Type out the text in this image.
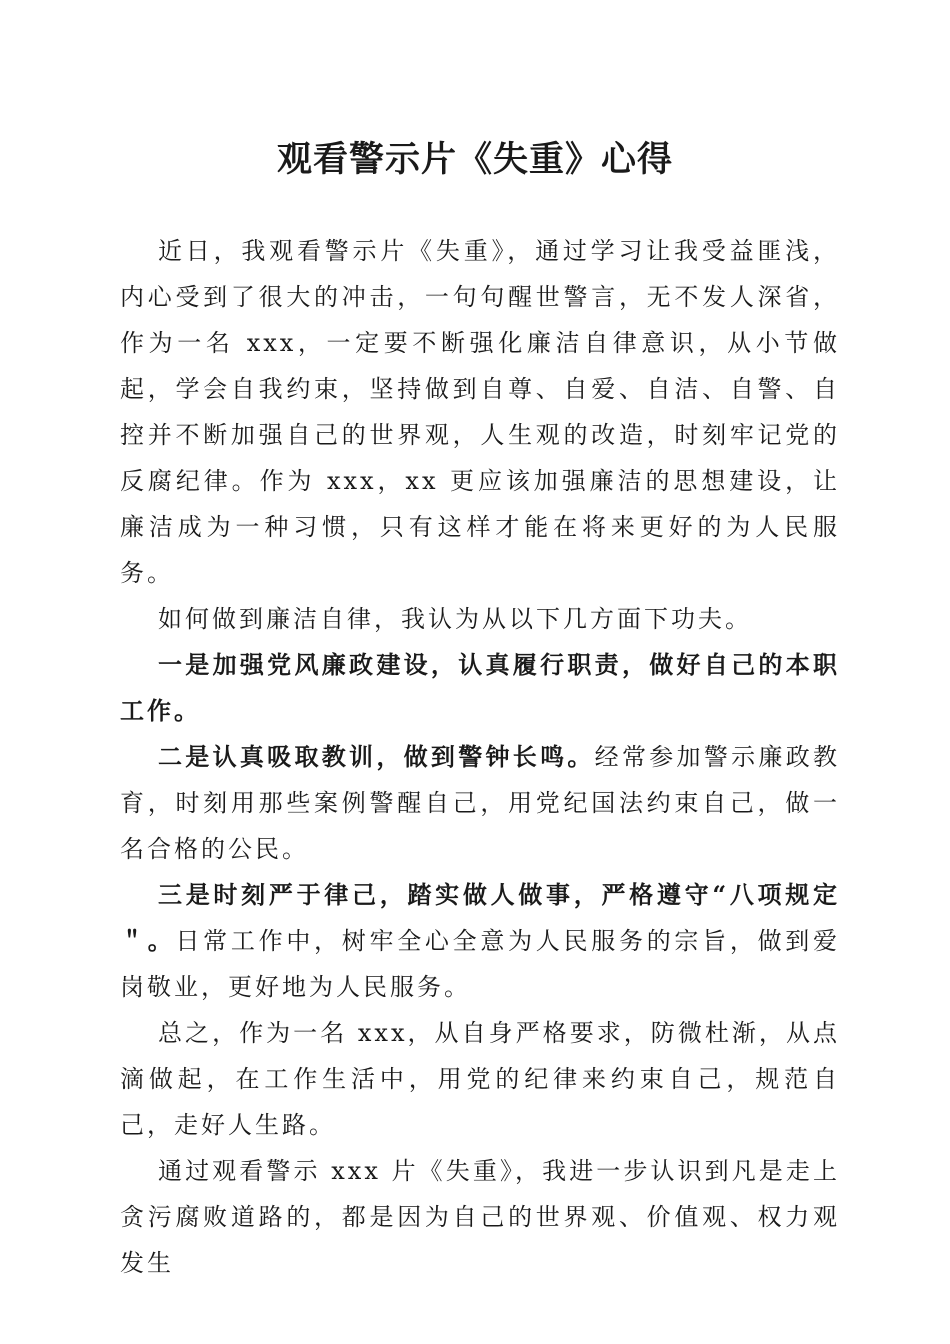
观看警示片《失重》心得

近日，我观看警示片《失重》，通过学习让我受益匪浅，内心受到了很大的冲击，一句句醒世警言，无不发人深省，作为一名 xxx，一定要不断强化廉洁自律意识，从小节做起，学会自我约束，坚持做到自尊、自爱、自洁、自警、自控并不断加强自己的世界观，人生观的改造，时刻牢记党的反腐纪律。作为 xxx，xx 更应该加强廉洁的思想建设，让廉洁成为一种习惯，只有这样才能在将来更好的为人民服务。

如何做到廉洁自律，我认为从以下几方面下功夫。

一是加强党风廉政建设，认真履行职责，做好自己的本职工作。

二是认真吸取教训，做到警钟长鸣。经常参加警示廉政教育，时刻用那些案例警醒自己，用党纪国法约束自己，做一名合格的公民。

三是时刻严于律己，踏实做人做事，严格遵守“八项规定＂。日常工作中，树牢全心全意为人民服务的宗旨，做到爱岗敬业，更好地为人民服务。

总之，作为一名 xxx，从自身严格要求，防微杜渐，从点滴做起，在工作生活中，用党的纪律来约束自己，规范自己，走好人生路。

通过观看警示 xxx 片《失重》，我进一步认识到凡是走上贪污腐败道路的，都是因为自己的世界观、价值观、权力观发生
